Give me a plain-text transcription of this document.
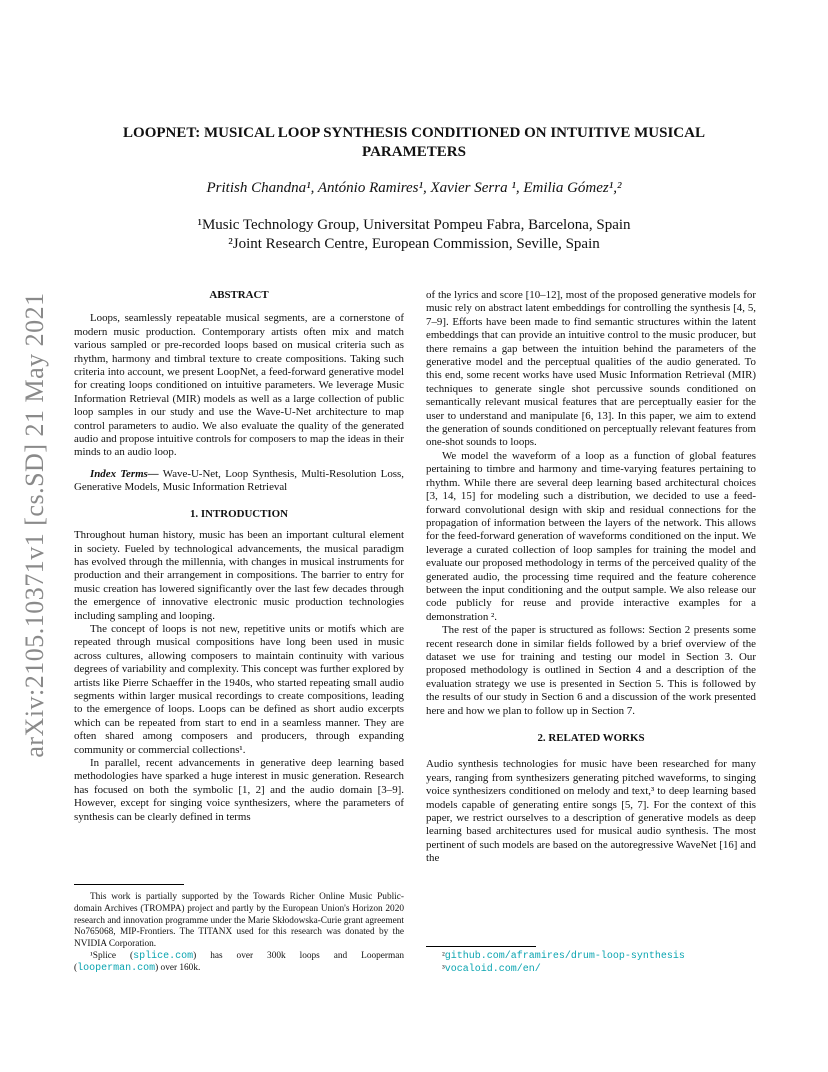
arXiv:2105.10371v1 [cs.SD] 21 May 2021
LOOPNET: MUSICAL LOOP SYNTHESIS CONDITIONED ON INTUITIVE MUSICAL PARAMETERS
Pritish Chandna¹, António Ramires¹, Xavier Serra ¹, Emilia Gómez¹,²
¹Music Technology Group, Universitat Pompeu Fabra, Barcelona, Spain
²Joint Research Centre, European Commission, Seville, Spain

ABSTRACT

Loops, seamlessly repeatable musical segments, are a cornerstone of modern music production. Contemporary artists often mix and match various sampled or pre-recorded loops based on musical criteria such as rhythm, harmony and timbral texture to create compositions. Taking such criteria into account, we present LoopNet, a feed-forward generative model for creating loops conditioned on intuitive parameters. We leverage Music Information Retrieval (MIR) models as well as a large collection of public loop samples in our study and use the Wave-U-Net architecture to map control parameters to audio. We also evaluate the quality of the generated audio and propose intuitive controls for composers to map the ideas in their minds to an audio loop.

Index Terms— Wave-U-Net, Loop Synthesis, Multi-Resolution Loss, Generative Models, Music Information Retrieval

1. INTRODUCTION

Throughout human history, music has been an important cultural element in society. Fueled by technological advancements, the musical paradigm has evolved through the millennia, with changes in musical instruments for production and their arrangement in compositions. The barrier to entry for music creation has lowered significantly over the last few decades through the emergence of innovative electronic music production technologies including sampling and looping.

The concept of loops is not new, repetitive units or motifs which are repeated through musical compositions have long been used in music across cultures, allowing composers to maintain continuity with various degrees of variability and complexity. This concept was further explored by artists like Pierre Schaeffer in the 1940s, who started repeating small audio segments within larger musical recordings to create compositions, leading to the emergence of loops. Loops can be defined as short audio excerpts which can be repeated from start to end in a seamless manner. They are often shared among composers and producers, through expanding community or commercial collections¹.

In parallel, recent advancements in generative deep learning based methodologies have sparked a huge interest in music generation. Research has focused on both the symbolic [1, 2] and the audio domain [3–9]. However, except for singing voice synthesizers, where the parameters of synthesis can be clearly defined in terms

of the lyrics and score [10–12], most of the proposed generative models for music rely on abstract latent embeddings for controlling the synthesis [4, 5, 7–9]. Efforts have been made to find semantic structures within the latent embeddings that can provide an intuitive control to the music producer, but there remains a gap between the intuition behind the parameters of the generative model and the perceptual qualities of the audio generated. To this end, some recent works have used Music Information Retrieval (MIR) techniques to generate single shot percussive sounds conditioned on semantically relevant musical features that are perceptually easier for the user to understand and manipulate [6, 13]. In this paper, we aim to extend the generation of sounds conditioned on perceptually relevant features from one-shot sounds to loops.

We model the waveform of a loop as a function of global features pertaining to timbre and harmony and time-varying features pertaining to rhythm. While there are several deep learning based architectural choices [3, 14, 15] for modeling such a distribution, we decided to use a feed-forward convolutional design with skip and residual connections for the propagation of information between the layers of the network. This allows for the feed-forward generation of waveforms conditioned on the input. We leverage a curated collection of loop samples for training the model and evaluate our proposed methodology in terms of the perceived quality of the generated audio, the processing time required and the feature coherence between the input conditioning and the output sample. We also release our code publicly for reuse and provide interactive examples for a demonstration ².

The rest of the paper is structured as follows: Section 2 presents some recent research done in similar fields followed by a brief overview of the dataset we use for training and testing our model in Section 3. Our proposed methodology is outlined in Section 4 and a description of the evaluation strategy we use is presented in Section 5. This is followed by the results of our study in Section 6 and a discussion of the work presented here and how we plan to follow up in Section 7.

2. RELATED WORKS

Audio synthesis technologies for music have been researched for many years, ranging from synthesizers generating pitched waveforms, to singing voice synthesizers conditioned on melody and text,³ to deep learning based models capable of generating entire songs [5, 7]. For the context of this paper, we restrict ourselves to a description of generative models as deep learning based architectures used for musical audio synthesis. The most pertinent of such models are based on the autoregressive WaveNet [16] and the

This work is partially supported by the Towards Richer Online Music Public-domain Archives (TROMPA) project and partly by the European Union's Horizon 2020 research and innovation programme under the Marie Skłodowska-Curie grant agreement No765068, MIP-Frontiers. The TITANX used for this research was donated by the NVIDIA Corporation.

¹Splice (splice.com) has over 300k loops and Looperman (looperman.com) over 160k.

²github.com/aframires/drum-loop-synthesis

³vocaloid.com/en/
